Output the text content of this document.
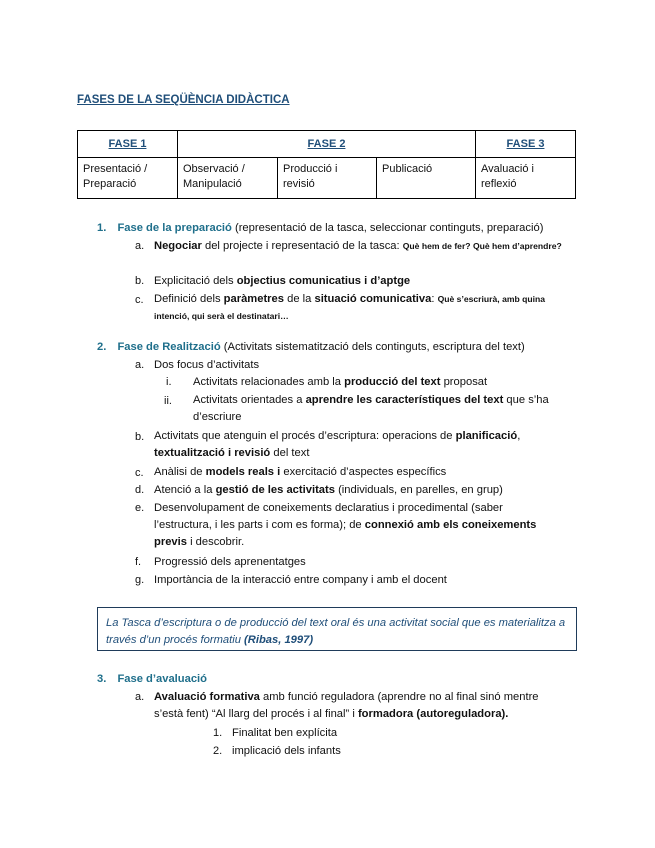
FASES DE LA SEQÜÈNCIA DIDÀCTICA
FASE 1	FASE 2			FASE 3
Presentació / Preparació	Observació / Manipulació	Producció i revisió	Publicació	Avaluació i reflexió
1. Fase de la preparació (representació de la tasca, seleccionar continguts, preparació)
a. Negociar del projecte i representació de la tasca: Què hem de fer? Què hem d’aprendre?
b. Explicitació dels objectius comunicatius i d’aptge
c. Definició dels paràmetres de la situació comunicativa: Què s’escriurà, amb quina intenció, qui serà el destinatari…
2. Fase de Realització (Activitats sistematització dels continguts, escriptura del text)
a. Dos focus d’activitats
i. Activitats relacionades amb la producció del text proposat
ii. Activitats orientades a aprendre les característiques del text que s’ha d’escriure
b. Activitats que atenguin el procés d’escriptura: operacions de planificació, textualització i revisió del text
c. Anàlisi de models reals i exercitació d’aspectes específics
d. Atenció a la gestió de les activitats (individuals, en parelles, en grup)
e. Desenvolupament de coneixements declaratius i procedimental (saber l’estructura, i les parts i com es forma); de connexió amb els coneixements previs i descobrir.
f. Progressió dels aprenentatges
g. Importància de la interacció entre company i amb el docent
La Tasca d’escriptura o de producció del text oral és una activitat social que es materialitza a través d’un procés formatiu (Ribas, 1997)
3. Fase d’avaluació
a. Avaluació formativa amb funció reguladora (aprendre no al final sinó mentre s’està fent) “Al llarg del procés i al final” i formadora (autoreguladora).
1. Finalitat ben explícita
2. implicació dels infants
